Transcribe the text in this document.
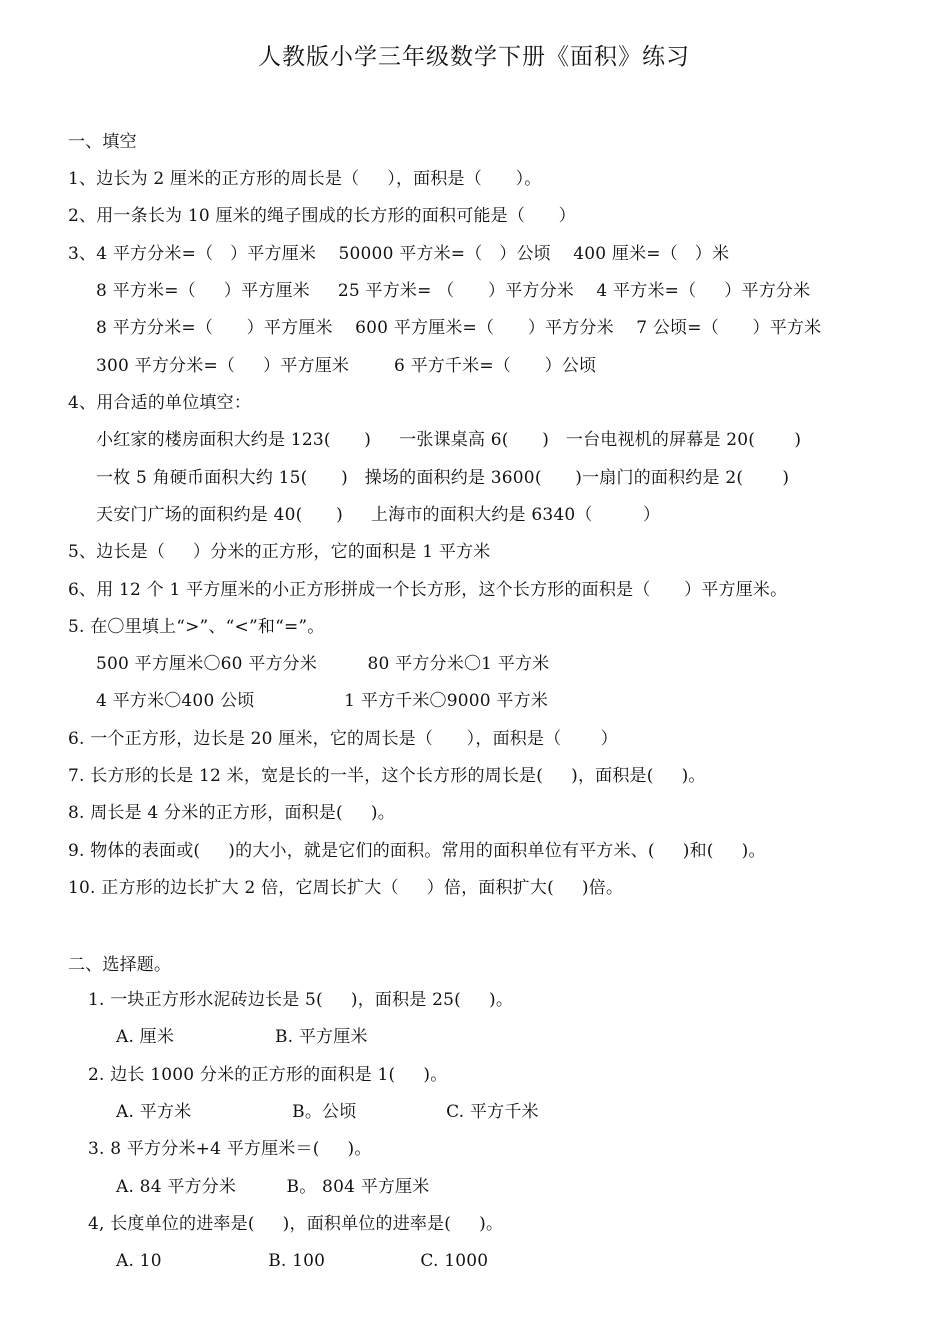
人教版小学三年级数学下册《面积》练习
一、填空
1、边长为 2 厘米的正方形的周长是（     ），面积是（      ）。
2、用一条长为 10 厘米的绳子围成的长方形的面积可能是（      ）
3、4 平方分米=（   ）平方厘米    50000 平方米=（   ）公顷    400 厘米=（   ）米
8 平方米=（     ）平方厘米     25 平方米= （      ）平方分米    4 平方米=（     ）平方分米
8 平方分米=（      ）平方厘米    600 平方厘米=（      ）平方分米    7 公顷=（      ）平方米
300 平方分米=（     ）平方厘米        6 平方千米=（      ）公顷
4、用合适的单位填空：
小红家的楼房面积大约是 123(      )     一张课桌高 6(      )   一台电视机的屏幕是 20(       )
一枚 5 角硬币面积大约 15(      )   操场的面积约是 3600(      )一扇门的面积约是 2(       )
天安门广场的面积约是 40(      )     上海市的面积大约是 6340（         ）
5、边长是（     ）分米的正方形，它的面积是 1 平方米
6、用 12 个 1 平方厘米的小正方形拼成一个长方形，这个长方形的面积是（      ）平方厘米。
5. 在〇里填上“>”、“<”和“=”。
500 平方厘米〇60 平方分米         80 平方分米〇1 平方米
4 平方米〇400 公顷                1 平方千米〇9000 平方米
6. 一个正方形，边长是 20 厘米，它的周长是（      ），面积是（       ）
7. 长方形的长是 12 米，宽是长的一半，这个长方形的周长是(     )，面积是(     )。
8. 周长是 4 分米的正方形，面积是(     )。
9. 物体的表面或(     )的大小，就是它们的面积。常用的面积单位有平方米、(     )和(     )。
10. 正方形的边长扩大 2 倍，它周长扩大（     ）倍，面积扩大(     )倍。
二、选择题。
1. 一块正方形水泥砖边长是 5(     )，面积是 25(     )。
A. 厘米                  B. 平方厘米
2. 边长 1000 分米的正方形的面积是 1(     )。
A. 平方米                  B。公顷                C. 平方千米
3. 8 平方分米+4 平方厘米＝(     )。
A. 84 平方分米         B。 804 平方厘米
4, 长度单位的进率是(     )，面积单位的进率是(     )。
A. 10                   B. 100                 C. 1000
